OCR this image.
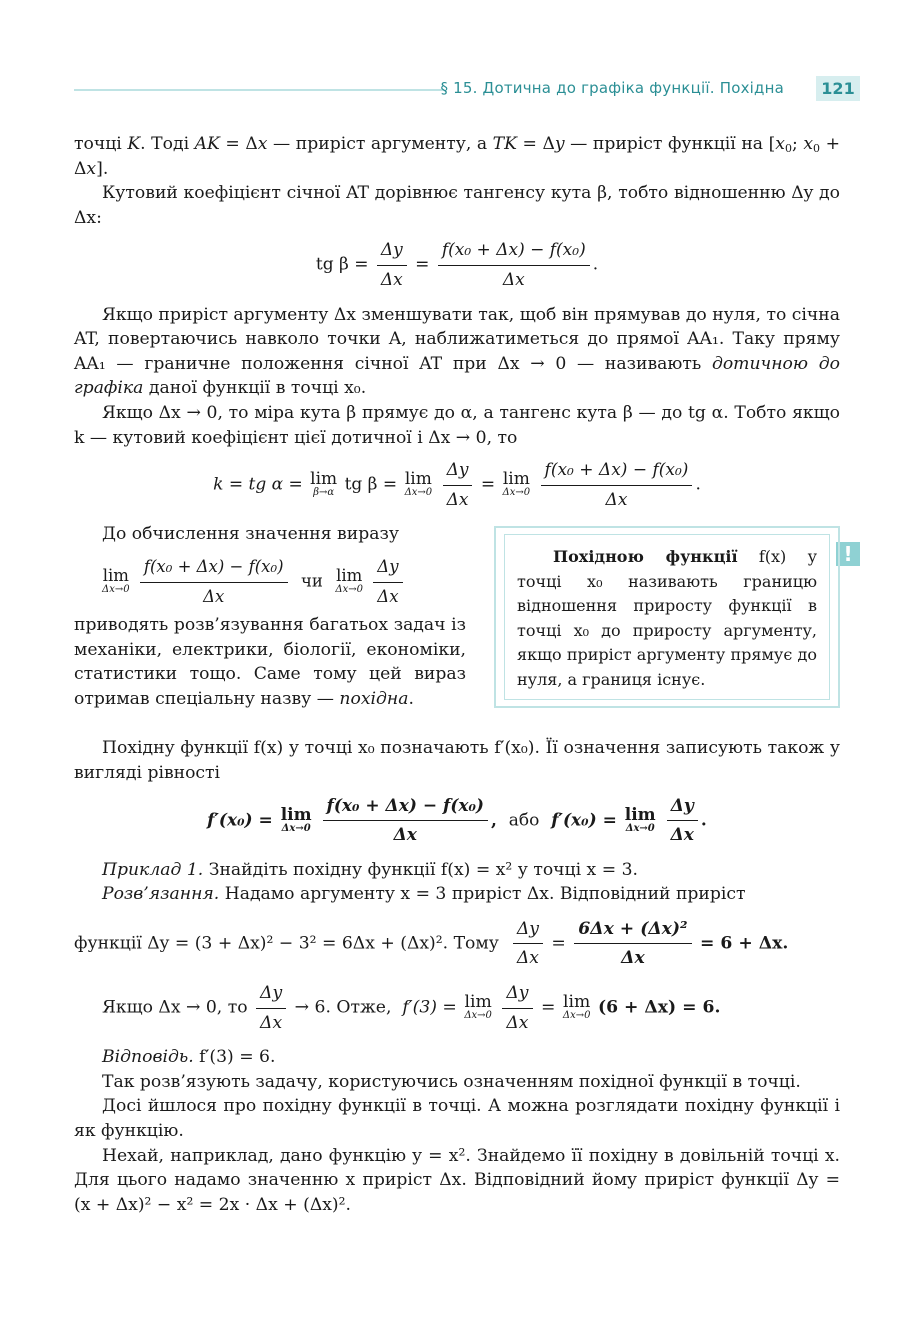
§ 15. Дотична до графіка функції. Похідна	121
!

точці K. Тоді AK = Δx — приріст аргументу, а TK = Δy — приріст функції на [$x_0$; $x_0 + \Delta x$].

Кутовий коефіцієнт січної AT дорівнює тангенсу кута β, тобто відношенню Δy до Δx:

tg $\beta = \frac{\Delta y}{\Delta x} = \frac{\text{f(x₀ + Δx) − f(x₀)}}{\Delta x}$ .

Якщо приріст аргументу Δx зменшувати так, щоб він прямував до нуля, то січна AT, повертаючись навколо точки A, наближатиметься до прямої AA₁. Таку пряму AA₁ — граничне положення січної AT при Δx → 0 — називають дотичною до графіка даної функції в точці x₀.

Якщо Δx → 0, то міра кута β прямує до α, а тангенс кута β — до tg α. Тобто якщо k — кутовий коефіцієнт цієї дотичної і Δx → 0, то

k = tg α = lim
β→α tg β = lim
Δx→0
$\frac{\Delta y}{\Delta x} = \lim$
Δx→0
$\frac{\text{f(x₀ + Δx) − f(x₀)}}{\Delta x}$ .

До обчислення значення виразу

lim
Δx→0
$\frac{\text{f(x₀ + Δx) − f(x₀)}}{\Delta x}$ чи lim
Δx→0
$\frac{\Delta y}{\Delta x}$

приводять розв’язування багатьох задач із механіки, електрики, біології, економіки, статистики тощо. Саме тому цей вираз отримав спеціальну назву — похідна.

Похідною функції f(x) у точці x₀ називають границю відношення приросту функції в точці x₀ до приросту аргументу, якщо приріст аргументу прямує до нуля, а границя існує.

Похідну функції f(x) у точці x₀ позначають f′(x₀). Її означення записують також у вигляді рівності

f′(x₀) = lim
Δx→0
$\frac{\text{f(x₀ + Δx) − f(x₀)}}{\Delta x}$ ,  або f′(x₀) = lim
Δx→0
$\frac{\Delta y}{\Delta x}$ .

Приклад 1. Знайдіть похідну функції f(x) = x² у точці x = 3.

Розв’язання. Надамо аргументу x = 3 приріст Δx. Відповідний приріст

функції Δy = (3 + Δx)² − 3² = 6Δx + (Δx)². Тому $\frac{\Delta y}{\Delta x} = \frac{\text{6Δx + (Δx)²}}{\Delta x} = 6 + \Delta x$.
Якщо Δx → 0, то $\frac{\Delta y}{\Delta x} \to 6$. Отже, f′(3) = lim
Δx→0
$\frac{\Delta y}{\Delta x} = \lim$
Δx→0 (6 + Δx) = 6.

Відповідь. f′(3) = 6.

Так розв’язують задачу, користуючись означенням похідної функції в точці.

Досі йшлося про похідну функції в точці. А можна розглядати похідну функції і як функцію.

Нехай, наприклад, дано функцію y = x². Знайдемо її похідну в довільній точці x. Для цього надамо значенню x приріст Δx. Відповідний йому приріст функції Δy = (x + Δx)² − x² = 2x · Δx + (Δx)².
